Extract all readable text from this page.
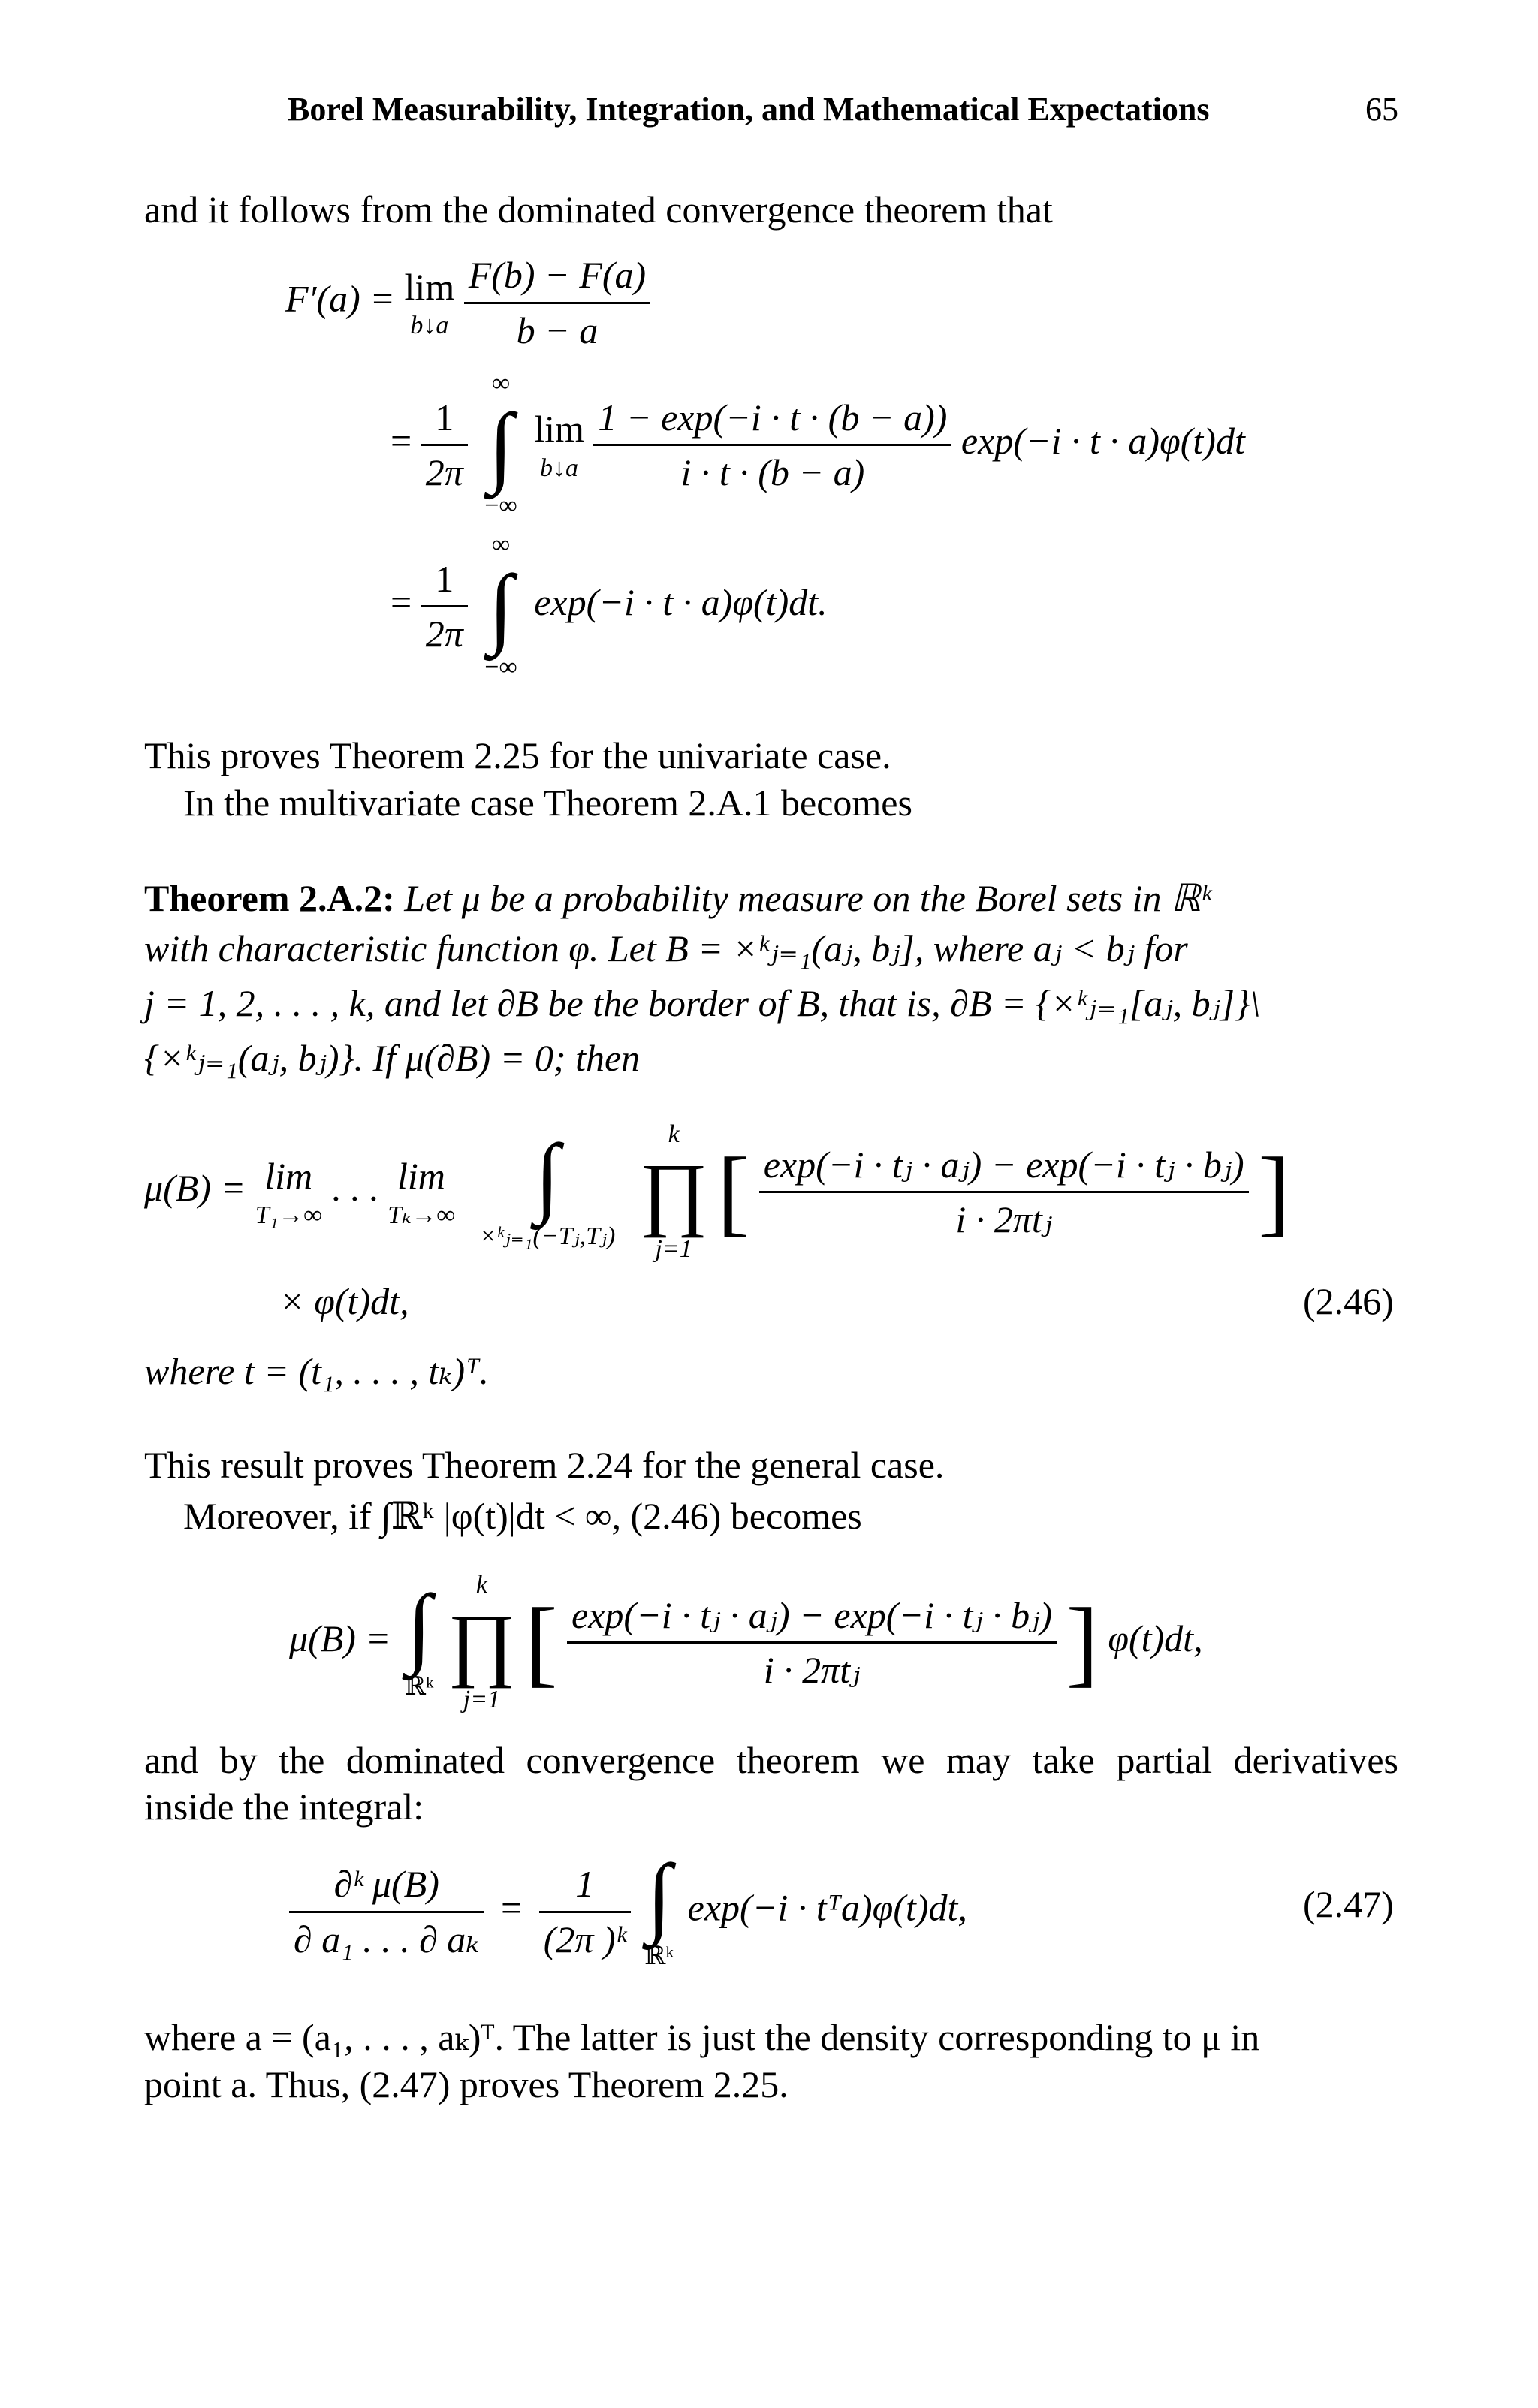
Borel Measurability, Integration, and Mathematical Expectations	65
and it follows from the dominated convergence theorem that
F′(a) = lim
b↓a
$\frac{F(b) - F(a)}{b - a}$
= $\frac{1}{2\pi}$

∞
∫
−∞

lim
b↓a
$\frac{1 - \exp(-i \cdot t \cdot (b - a))}{i \cdot t \cdot (b - a)} \exp(-i \cdot t \cdot a)\varphi(t)dt$
= $\frac{1}{2\pi}$

∞
∫
−∞
exp(−i · t · a)φ(t)dt.
This proves Theorem 2.25 for the univariate case.
In the multivariate case Theorem 2.A.1 becomes
Theorem 2.A.2: Let μ be a probability measure on the Borel sets in ℝᵏ
with characteristic function φ. Let B = ×ᵏⱼ₌₁(aⱼ, bⱼ], where aⱼ < bⱼ for
j = 1, 2, . . . , k, and let ∂B be the border of B, that is, ∂B = {×ᵏⱼ₌₁[aⱼ, bⱼ]}\
{×ᵏⱼ₌₁(aⱼ, bⱼ)}. If μ(∂B) = 0; then
μ(B) = lim
T₁→∞
. . . lim
Tₖ→∞
∫
×ᵏⱼ₌₁(−Tⱼ,Tⱼ)

k
∏
j=1
[ $\frac{\text{exp(−i · tⱼ · aⱼ) − exp(−i · tⱼ · bⱼ)}}{\text{i · 2πtⱼ}}$ ]
× φ(t)dt,	(2.46)
where t = (t₁, . . . , tₖ)ᵀ.
This result proves Theorem 2.24 for the general case.
Moreover, if ∫ℝᵏ |φ(t)|dt < ∞, (2.46) becomes
μ(B) = ∫
ℝᵏ

k
∏
j=1
[ $\frac{\text{exp(−i · tⱼ · aⱼ) − exp(−i · tⱼ · bⱼ)}}{\text{i · 2πtⱼ}}$ ] φ(t)dt,
and by the dominated convergence theorem we may take partial derivatives
inside the integral:
$\frac{\text{∂ᵏ μ(B)}}{\text{∂ a₁ . . . ∂ aₖ}} = \frac{1}{\text{(2π )ᵏ}}$
∫
ℝᵏ
exp(−i · tᵀa)φ(t)dt,	(2.47)
where a = (a₁, . . . , aₖ)ᵀ. The latter is just the density corresponding to μ in
point a. Thus, (2.47) proves Theorem 2.25.
